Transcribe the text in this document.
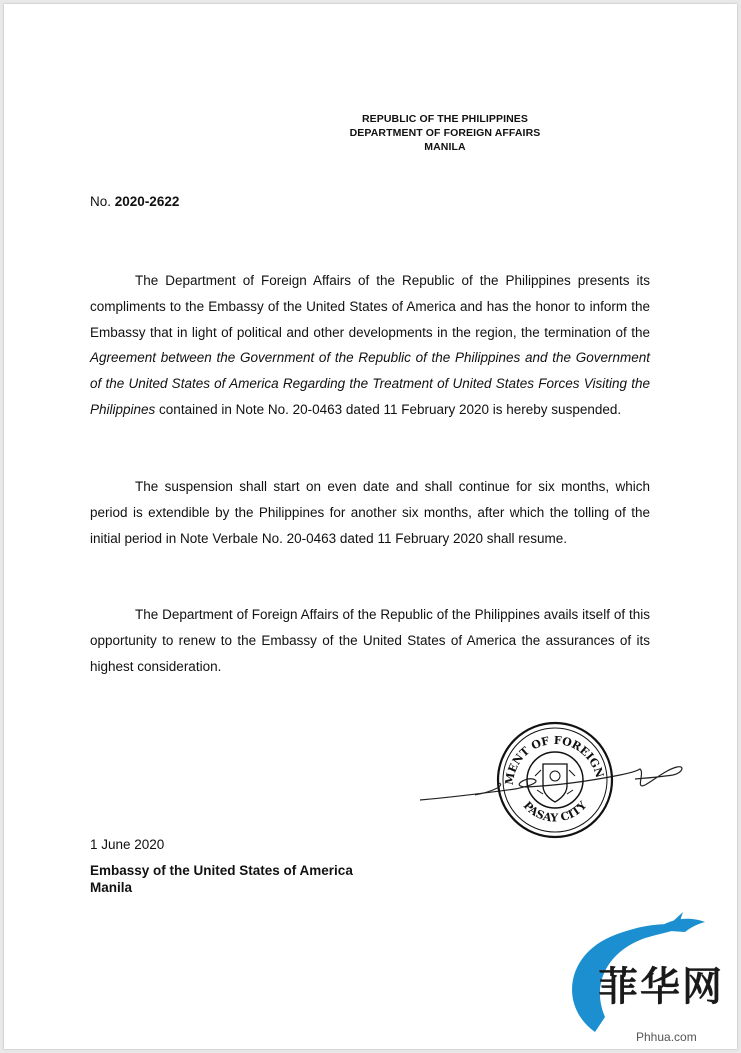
REPUBLIC OF THE PHILIPPINES
DEPARTMENT OF FOREIGN AFFAIRS
MANILA
No. 2020-2622
The Department of Foreign Affairs of the Republic of the Philippines presents its compliments to the Embassy of the United States of America and has the honor to inform the Embassy that in light of political and other developments in the region, the termination of the Agreement between the Government of the Republic of the Philippines and the Government of the United States of America Regarding the Treatment of United States Forces Visiting the Philippines contained in Note No. 20-0463 dated 11 February 2020 is hereby suspended.
The suspension shall start on even date and shall continue for six months, which period is extendible by the Philippines for another six months, after which the tolling of the initial period in Note Verbale No. 20-0463 dated 11 February 2020 shall resume.
The Department of Foreign Affairs of the Republic of the Philippines avails itself of this opportunity to renew to the Embassy of the United States of America the assurances of its highest consideration.
DEPARTMENT OF FOREIGN AFFAIRS
PASAY CITY
1 June 2020
Embassy of the United States of America
Manila
菲华网
Phhua.com
